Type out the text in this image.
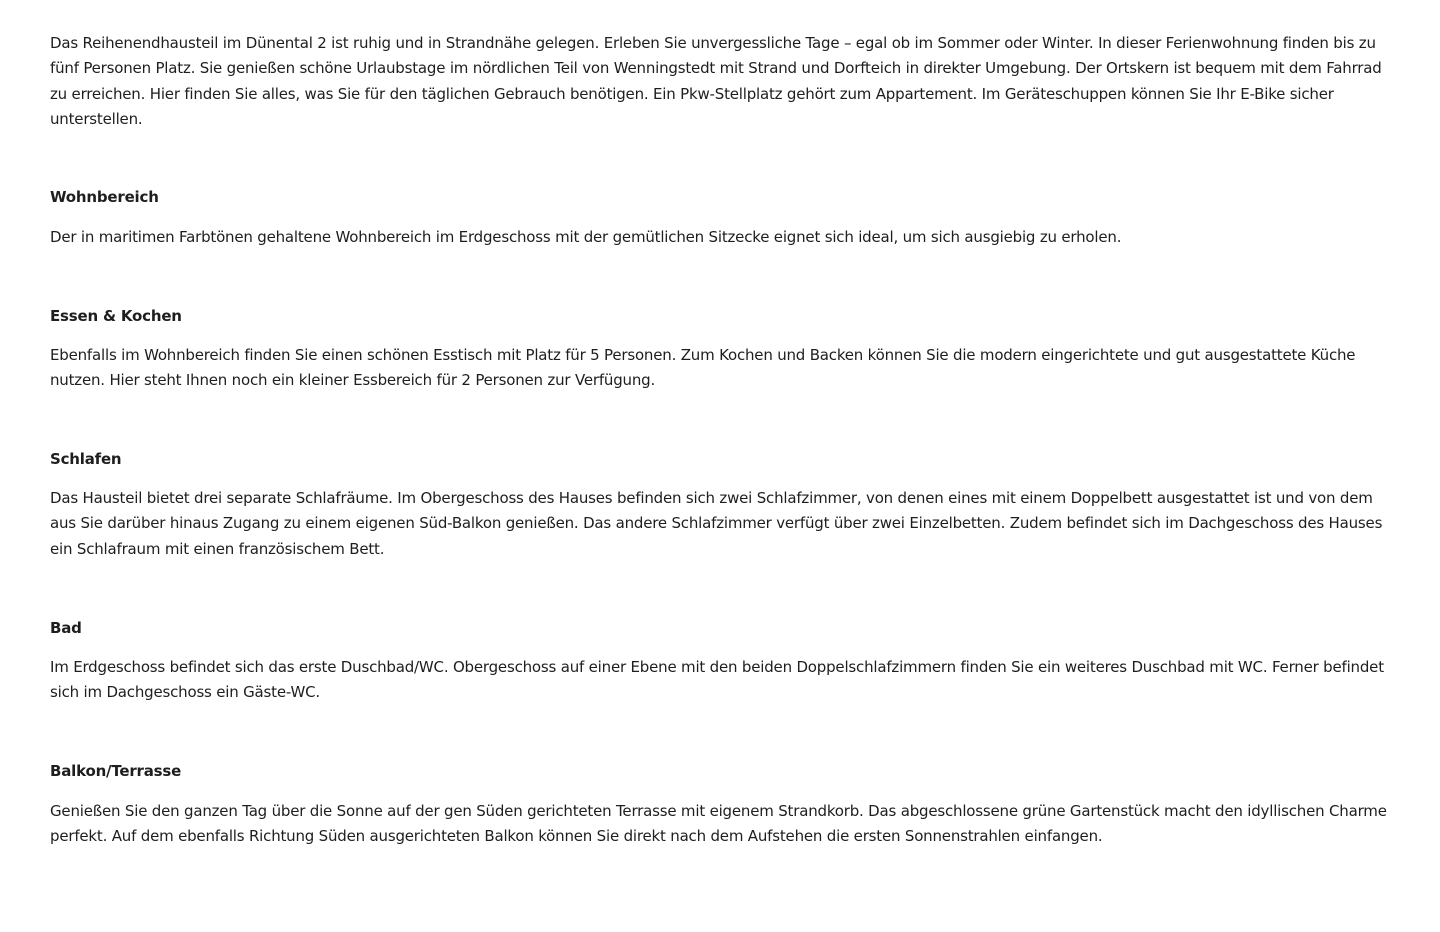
Das Reihenendhausteil im Dünental 2 ist ruhig und in Strandnähe gelegen. Erleben Sie unvergessliche Tage – egal ob im Sommer oder Winter. In dieser Ferienwohnung finden bis zu fünf Personen Platz. Sie genießen schöne Urlaubstage im nördlichen Teil von Wenningstedt mit Strand und Dorfteich in direkter Umgebung. Der Ortskern ist bequem mit dem Fahrrad zu erreichen. Hier finden Sie alles, was Sie für den täglichen Gebrauch benötigen. Ein Pkw-Stellplatz gehört zum Appartement. Im Geräteschuppen können Sie Ihr E-Bike sicher unterstellen.

Wohnbereich

Der in maritimen Farbtönen gehaltene Wohnbereich im Erdgeschoss mit der gemütlichen Sitzecke eignet sich ideal, um sich ausgiebig zu erholen.

Essen & Kochen

Ebenfalls im Wohnbereich finden Sie einen schönen Esstisch mit Platz für 5 Personen. Zum Kochen und Backen können Sie die modern eingerichtete und gut ausgestattete Küche nutzen. Hier steht Ihnen noch ein kleiner Essbereich für 2 Personen zur Verfügung.

Schlafen

Das Hausteil bietet drei separate Schlafräume. Im Obergeschoss des Hauses befinden sich zwei Schlafzimmer, von denen eines mit einem Doppelbett ausgestattet ist und von dem aus Sie darüber hinaus Zugang zu einem eigenen Süd-Balkon genießen. Das andere Schlafzimmer verfügt über zwei Einzelbetten. Zudem befindet sich im Dachgeschoss des Hauses ein Schlafraum mit einen französischem Bett.

Bad

Im Erdgeschoss befindet sich das erste Duschbad/WC. Obergeschoss auf einer Ebene mit den beiden Doppelschlafzimmern finden Sie ein weiteres Duschbad mit WC. Ferner befindet sich im Dachgeschoss ein Gäste-WC.

Balkon/Terrasse

Genießen Sie den ganzen Tag über die Sonne auf der gen Süden gerichteten Terrasse mit eigenem Strandkorb. Das abgeschlossene grüne Gartenstück macht den idyllischen Charme perfekt. Auf dem ebenfalls Richtung Süden ausgerichteten Balkon können Sie direkt nach dem Aufstehen die ersten Sonnenstrahlen einfangen.
